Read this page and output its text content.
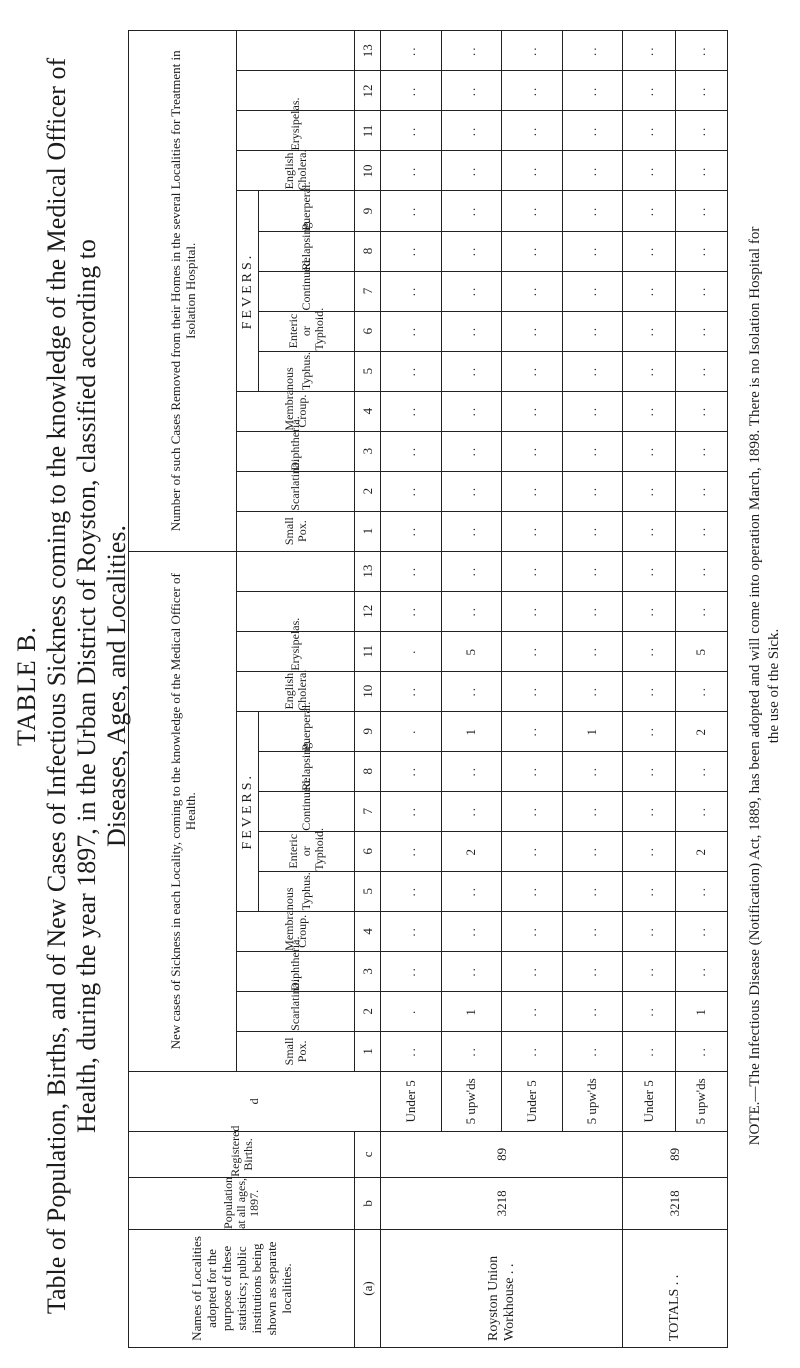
TABLE B. Table of Population, Births, and of New Cases of Infectious Sickness coming to the knowledge of the Medical Officer of Health, during the year 1897, in the Urban District of Royston, classified according to Diseases, Ages, and Localities.
Names of Localities adopted for the purpose of these statistics; public institutions being shown as separate localities.	Population at all ages, 1897.	Registered Births.	d	New cases of Sickness in each Locality, coming to the knowledge of the Medical Officer of Health.													Number of such Cases Removed from their Homes in the several Localities for Treatment in Isolation Hospital.												
				Small Pox.	Scarlatina.	Diphtheria.	Membranous Croup.	FEVERS.					English Cholera.	Erysipelas.			Small Pox.	Scarlatina.	Diphtheria.	Membranous Croup.	FEVERS.					English Cholera.	Erysipelas.		
								Typhus.	Enteric or Typhoid.	Continued.	Relapsing.	Puerperal.									Typhus.	Enteric or Typhoid.	Continued.	Relapsing.	Puerperal.				
(a)	b	c		1	2	3	4	5	6	7	8	9	10	11	12	13	1	2	3	4	5	6	7	8	9	10	11	12	13
Royston Union Workhouse . .	3218	89	Under 5	..	.	..	..	..	..	..	..	.	..	.	..	..	..	..	..	..	..	..	..	..	..	..	..	..	..
			5 upw'ds	..	1	..	..	..	2	..	..	1	..	5	..	..	..	..	..	..	..	..	..	..	..	..	..	..	..
			Under 5	..	..	..	..	..	..	..	..	..	..	..	..	..	..	..	..	..	..	..	..	..	..	..	..	..	..
			5 upw'ds	..	..	..	..	..	..	..	..	1	..	..	..	..	..	..	..	..	..	..	..	..	..	..	..	..	..
TOTALS . .	3218	89	Under 5	..	..	..	..	..	..	..	..	..	..	..	..	..	..	..	..	..	..	..	..	..	..	..	..	..	..
			5 upw'ds	..	1	..	..	..	2	..	..	2	..	5	..	..	..	..	..	..	..	..	..	..	..	..	..	..	..
NOTE.—The Infectious Disease (Notification) Act, 1889, has been adopted and will come into operation March, 1898. There is no Isolation Hospital for the use of the Sick.
